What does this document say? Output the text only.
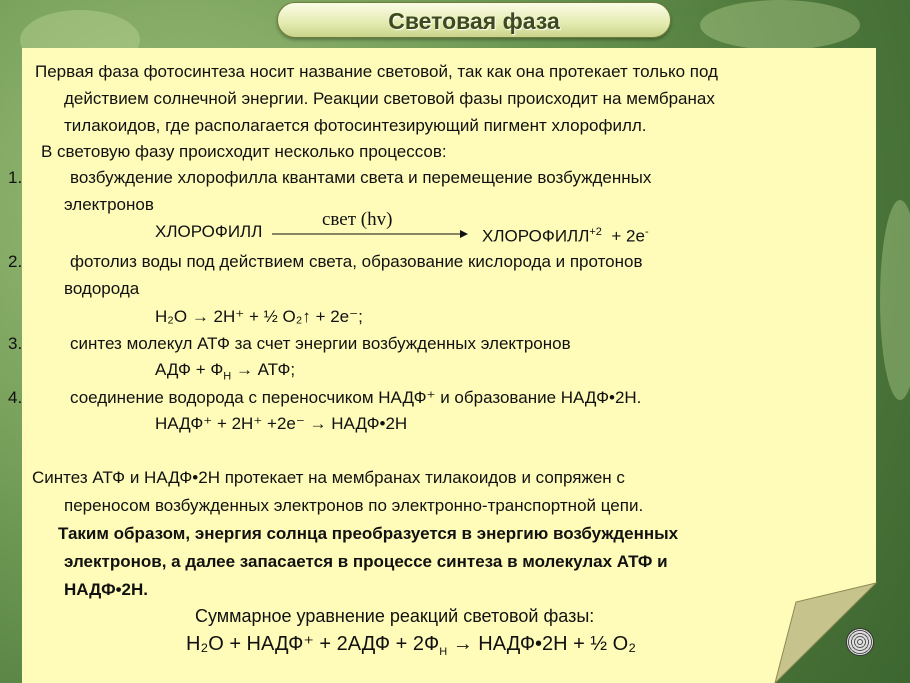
Световая фаза
Первая фаза фотосинтеза носит название световой, так как она протекает только под
действием солнечной энергии. Реакции световой фазы происходит на мембранах
тилакоидов, где располагается фотосинтезирующий пигмент хлорофилл.
В световую фазу происходит несколько процессов:
1.	возбуждение хлорофилла квантами света и перемещение возбужденных
электронов
ХЛОРОФИЛЛ
свет (hv)
$ХЛОРОФИЛЛ^{+2} + 2e^-$
2.	фотолиз воды под действием света, образование кислорода и протонов
водорода
H₂O → 2H⁺ + ½ O₂↑ + 2e⁻;
3.	синтез молекул АТФ за счет энергии возбужденных электронов
АДФ + $Ф_Н$ → АТФ;
4.	соединение водорода с переносчиком НАДФ⁺ и образование НАДФ•2Н.
НАДФ⁺ + 2Н⁺ +2e⁻ → НАДФ•2Н
Синтез АТФ и НАДФ•2Н протекает на мембранах тилакоидов и сопряжен с
переносом возбужденных электронов по электронно-транспортной цепи.
Таким образом, энергия солнца преобразуется в энергию возбужденных
электронов, а далее запасается в процессе синтеза в молекулах АТФ и
НАДФ•2Н.
Суммарное уравнение реакций световой фазы:
H₂O + НАДФ⁺ + $2АДФ + 2Ф_Н$ → НАДФ•2Н + ½ O₂
